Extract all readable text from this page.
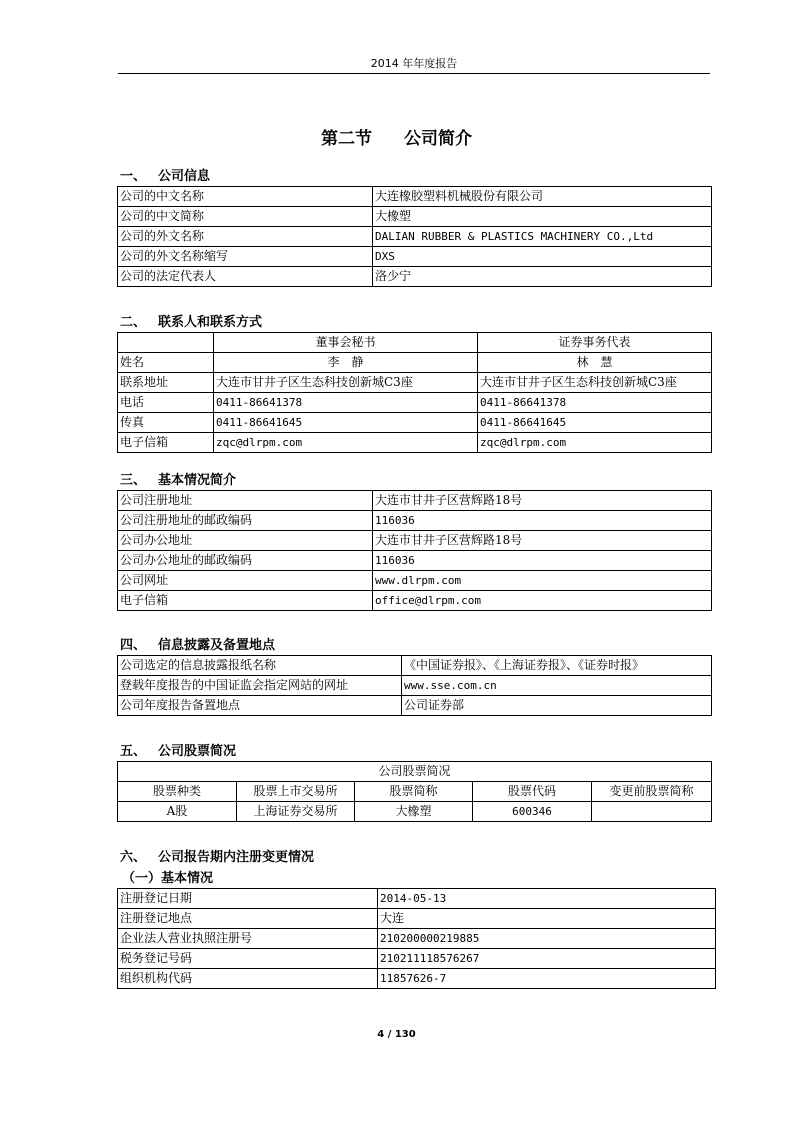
2014 年年度报告
第二节 公司简介
一、 公司信息
公司的中文名称	大连橡胶塑料机械股份有限公司
公司的中文简称	大橡塑
公司的外文名称	DALIAN RUBBER & PLASTICS MACHINERY CO.,Ltd
公司的外文名称缩写	DXS
公司的法定代表人	洛少宁
二、 联系人和联系方式
	董事会秘书	证券事务代表
姓名	李　静	林　慧
联系地址	大连市甘井子区生态科技创新城C3座	大连市甘井子区生态科技创新城C3座
电话	0411-86641378	0411-86641378
传真	0411-86641645	0411-86641645
电子信箱	zqc@dlrpm.com	zqc@dlrpm.com
三、 基本情况简介
公司注册地址	大连市甘井子区营辉路18号
公司注册地址的邮政编码	116036
公司办公地址	大连市甘井子区营辉路18号
公司办公地址的邮政编码	116036
公司网址	www.dlrpm.com
电子信箱	office@dlrpm.com
四、 信息披露及备置地点
公司选定的信息披露报纸名称	《中国证券报》、《上海证券报》、《证券时报》
登载年度报告的中国证监会指定网站的网址	www.sse.com.cn
公司年度报告备置地点	公司证券部
五、 公司股票简况
公司股票简况				
股票种类	股票上市交易所	股票简称	股票代码	变更前股票简称
A股	上海证券交易所	大橡塑	600346	
六、 公司报告期内注册变更情况
（一）基本情况
注册登记日期	2014-05-13
注册登记地点	大连
企业法人营业执照注册号	210200000219885
税务登记号码	210211118576267
组织机构代码	11857626-7
4 / 130
